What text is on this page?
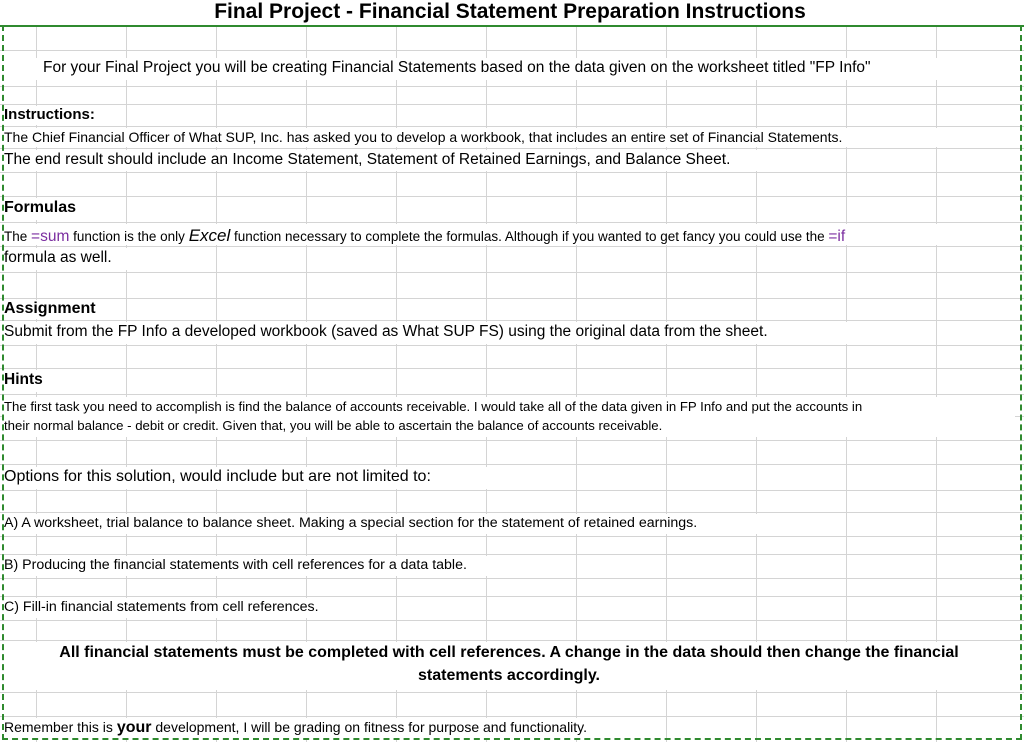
Final Project - Financial Statement Preparation Instructions
For your Final Project you will be creating Financial Statements based on the data given on the worksheet titled "FP Info"
Instructions:
The Chief Financial Officer of What SUP, Inc. has asked you to develop a workbook, that includes an entire set of Financial Statements.
The end result should include an Income Statement, Statement of Retained Earnings, and Balance Sheet.
Formulas
The =sum function is the only Excel function necessary to complete the formulas. Although if you wanted to get fancy you could use the =if
formula as well.
Assignment
Submit from the FP Info a developed workbook (saved as What SUP FS) using the original data from the sheet.
Hints
The first task you need to accomplish is find the balance of accounts receivable. I would take all of the data given in FP Info and put the accounts in
their normal balance - debit or credit. Given that, you will be able to ascertain the balance of accounts receivable.
Options for this solution, would include but are not limited to:
A) A worksheet, trial balance to balance sheet. Making a special section for the statement of retained earnings.
B) Producing the financial statements with cell references for a data table.
C) Fill-in financial statements from cell references.
All financial statements must be completed with cell references. A change in the data should then change the financial
statements accordingly.
Remember this is your development, I will be grading on fitness for purpose and functionality.
